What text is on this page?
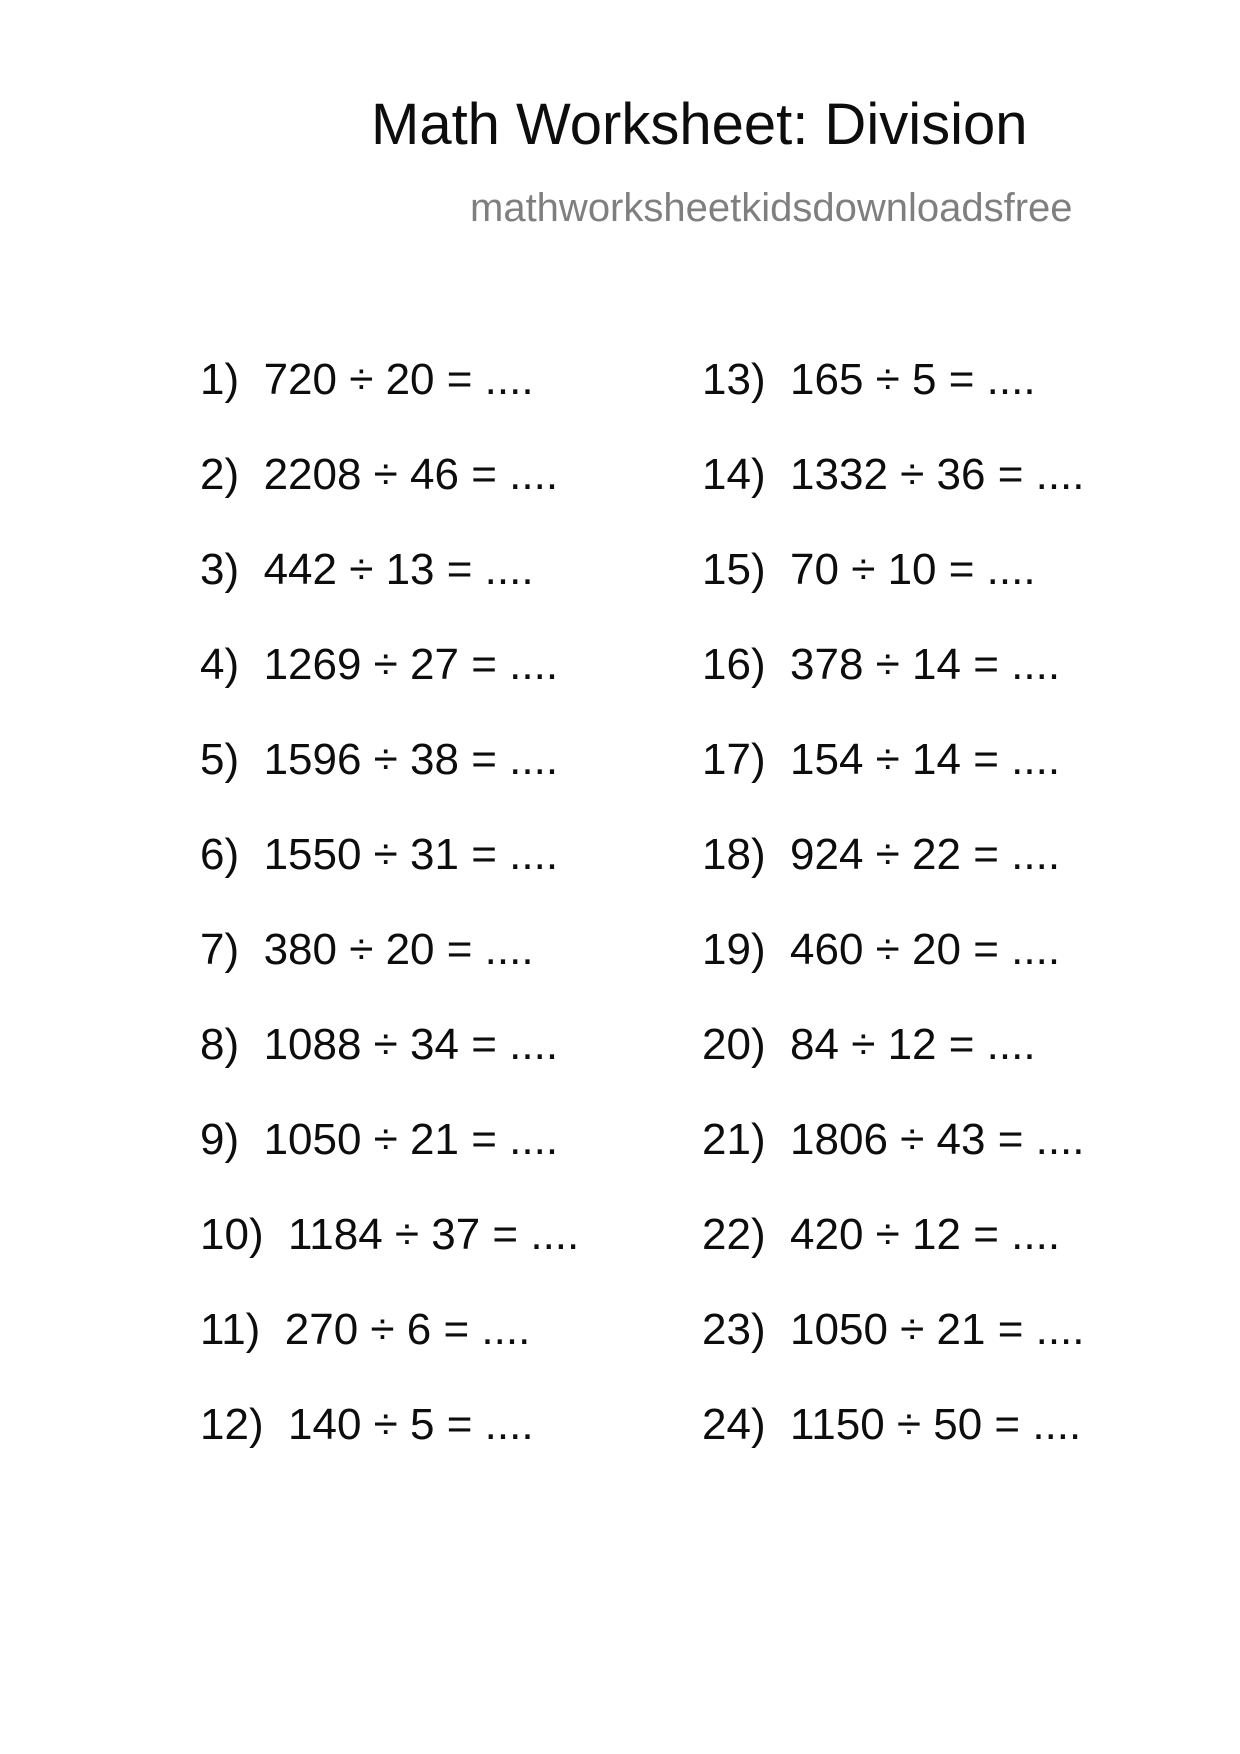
Math Worksheet: Division
mathworksheetkidsdownloadsfree
1)  720 ÷ 20 = ....
2)  2208 ÷ 46 = ....
3)  442 ÷ 13 = ....
4)  1269 ÷ 27 = ....
5)  1596 ÷ 38 = ....
6)  1550 ÷ 31 = ....
7)  380 ÷ 20 = ....
8)  1088 ÷ 34 = ....
9)  1050 ÷ 21 = ....
10)  1184 ÷ 37 = ....
11)  270 ÷ 6 = ....
12)  140 ÷ 5 = ....
13)  165 ÷ 5 = ....
14)  1332 ÷ 36 = ....
15)  70 ÷ 10 = ....
16)  378 ÷ 14 = ....
17)  154 ÷ 14 = ....
18)  924 ÷ 22 = ....
19)  460 ÷ 20 = ....
20)  84 ÷ 12 = ....
21)  1806 ÷ 43 = ....
22)  420 ÷ 12 = ....
23)  1050 ÷ 21 = ....
24)  1150 ÷ 50 = ....
